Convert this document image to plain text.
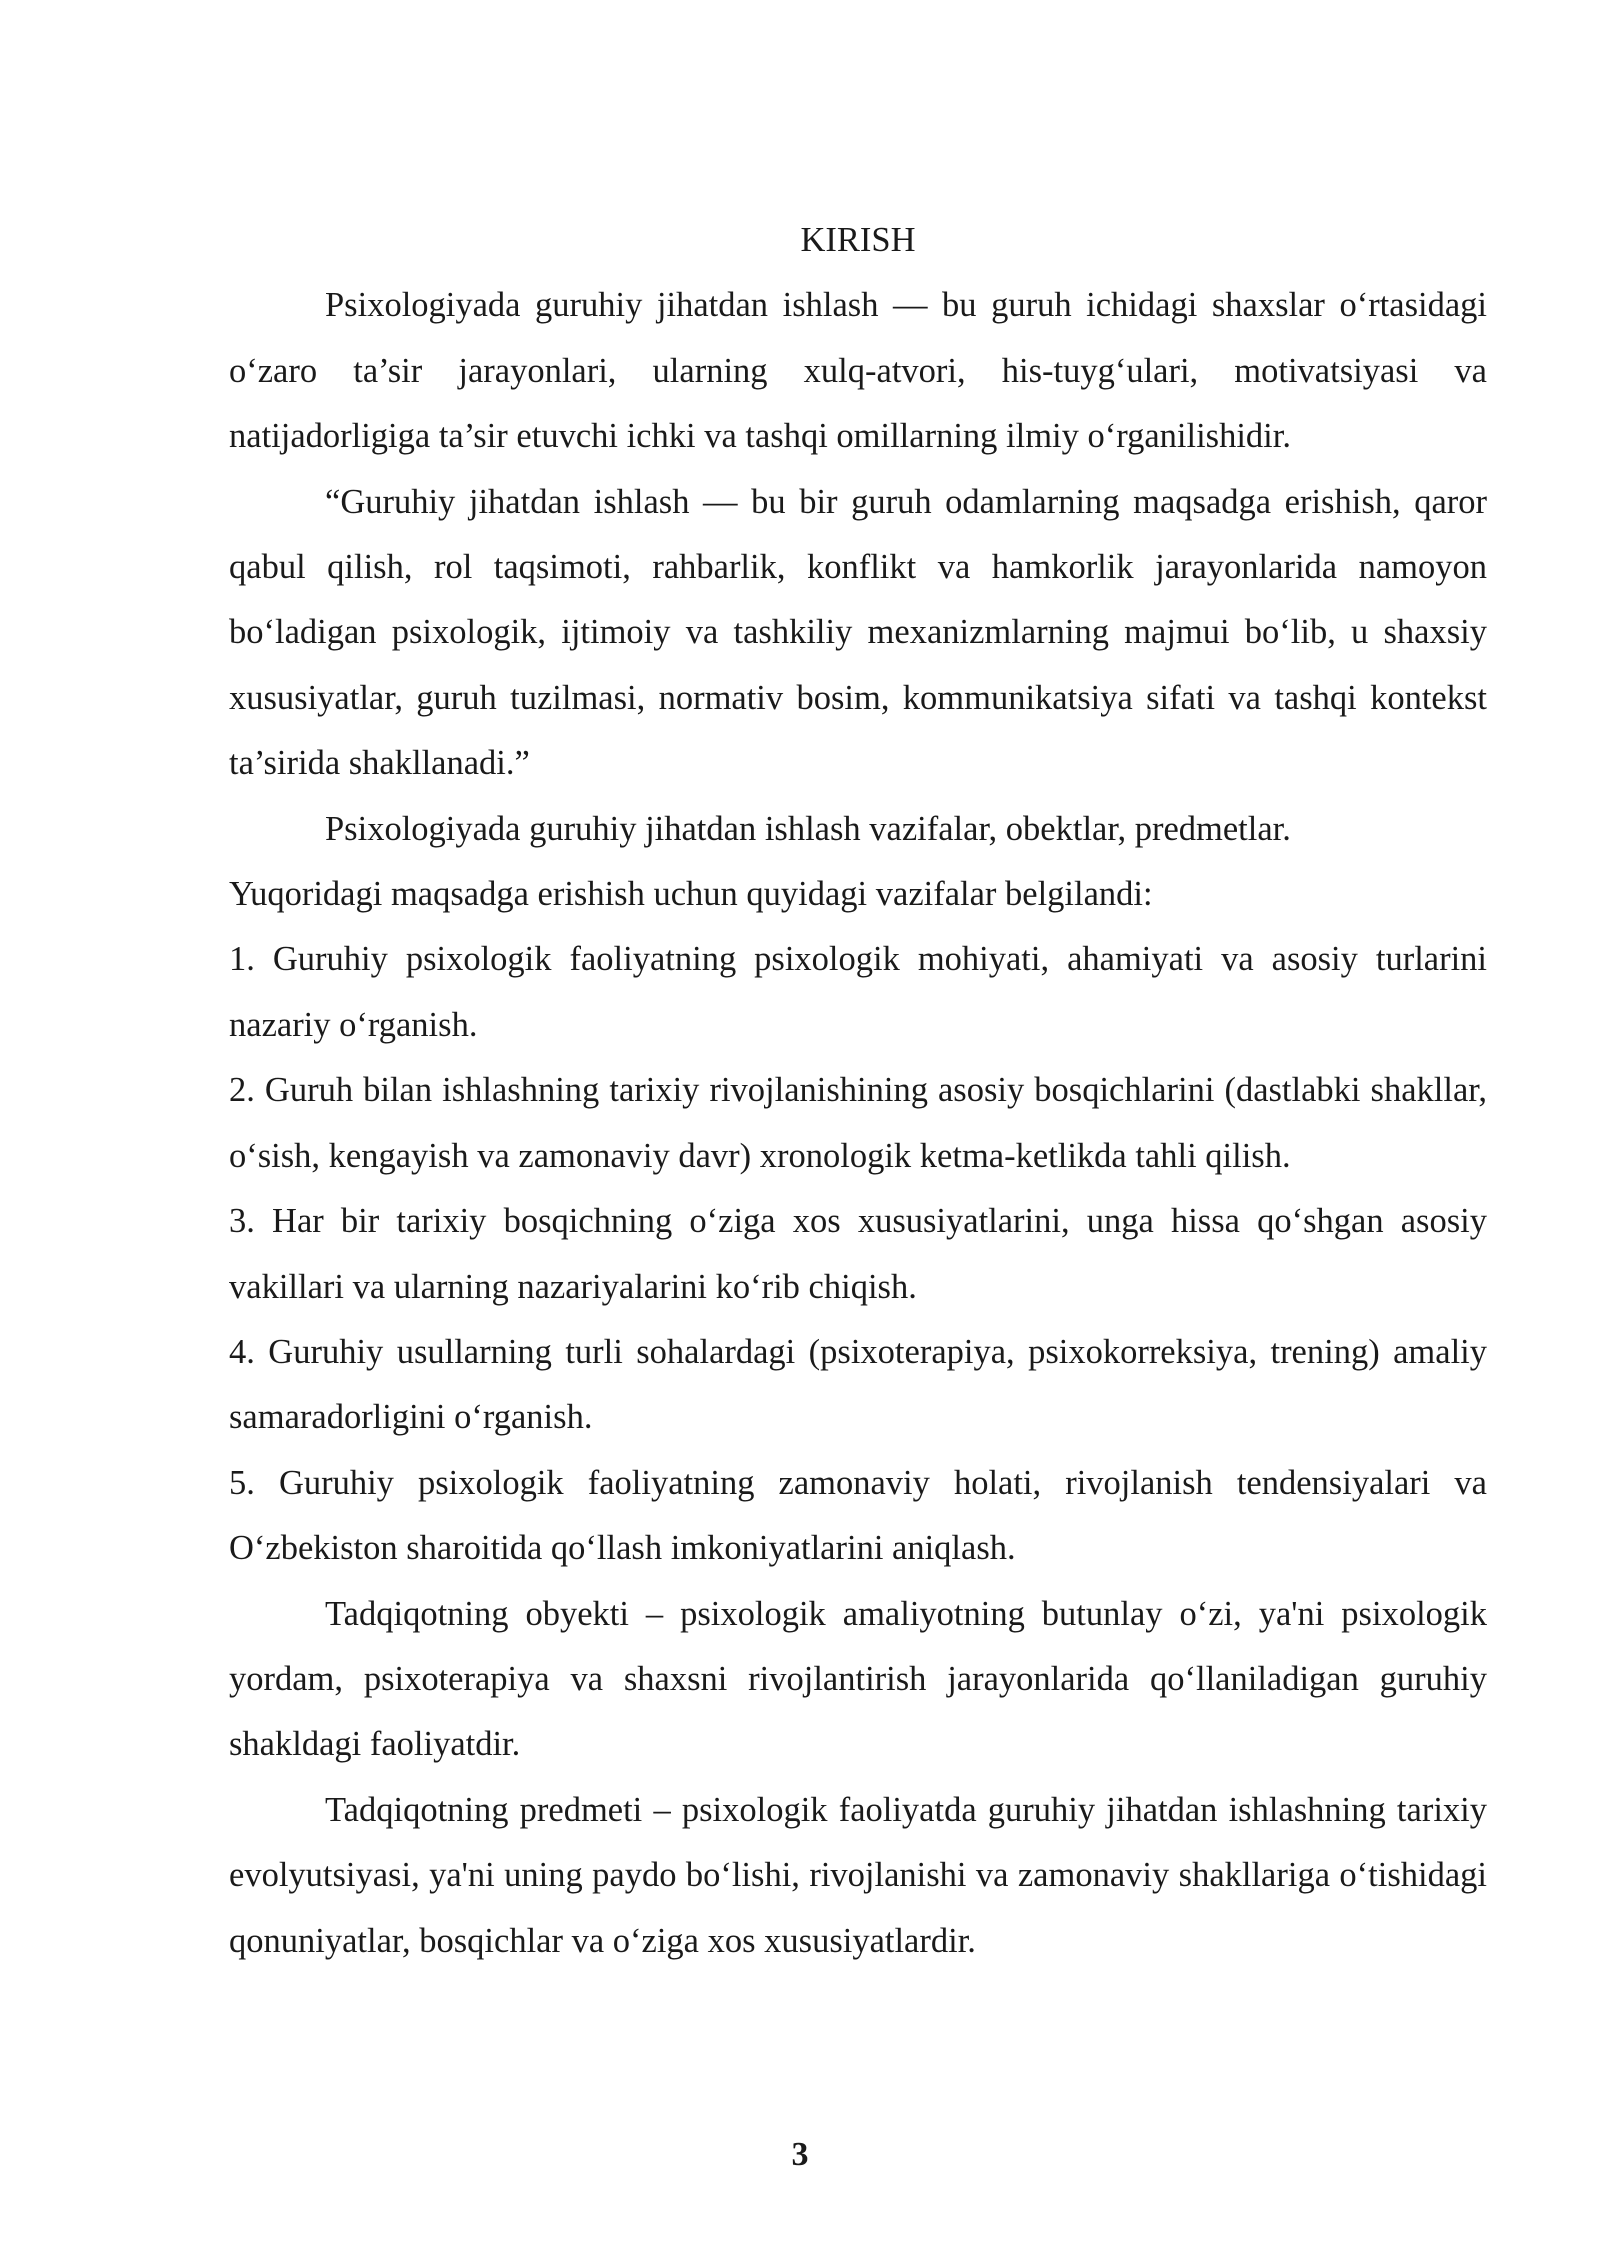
KIRISH

Psixologiyada guruhiy jihatdan ishlash — bu guruh ichidagi shaxslar o‘rtasidagi o‘zaro ta’sir jarayonlari, ularning xulq-atvori, his-tuyg‘ulari, motivatsiyasi va natijadorligiga ta’sir etuvchi ichki va tashqi omillarning ilmiy o‘rganilishidir.

“Guruhiy jihatdan ishlash — bu bir guruh odamlarning maqsadga erishish, qaror qabul qilish, rol taqsimoti, rahbarlik, konflikt va hamkorlik jarayonlarida namoyon bo‘ladigan psixologik, ijtimoiy va tashkiliy mexanizmlarning majmui bo‘lib, u shaxsiy xususiyatlar, guruh tuzilmasi, normativ bosim, kommunikatsiya sifati va tashqi kontekst ta’sirida shakllanadi.”

Psixologiyada guruhiy jihatdan ishlash vazifalar, obektlar, predmetlar.

Yuqoridagi maqsadga erishish uchun quyidagi vazifalar belgilandi:

1. Guruhiy psixologik faoliyatning psixologik mohiyati, ahamiyati va asosiy turlarini nazariy o‘rganish.

2. Guruh bilan ishlashning tarixiy rivojlanishining asosiy bosqichlarini (dastlabki shakllar, o‘sish, kengayish va zamonaviy davr) xronologik ketma-ketlikda tahli qilish.

3. Har bir tarixiy bosqichning o‘ziga xos xususiyatlarini, unga hissa qo‘shgan asosiy vakillari va ularning nazariyalarini ko‘rib chiqish.

4. Guruhiy usullarning turli sohalardagi (psixoterapiya, psixokorreksiya, trening) amaliy samaradorligini o‘rganish.

5. Guruhiy psixologik faoliyatning zamonaviy holati, rivojlanish tendensiyalari va O‘zbekiston sharoitida qo‘llash imkoniyatlarini aniqlash.

Tadqiqotning obyekti – psixologik amaliyotning butunlay o‘zi, ya'ni psixologik yordam, psixoterapiya va shaxsni rivojlantirish jarayonlarida qo‘llaniladigan guruhiy shakldagi faoliyatdir.

Tadqiqotning predmeti – psixologik faoliyatda guruhiy jihatdan ishlashning tarixiy evolyutsiyasi, ya'ni uning paydo bo‘lishi, rivojlanishi va zamonaviy shakllariga o‘tishidagi qonuniyatlar, bosqichlar va o‘ziga xos xususiyatlardir.

3
